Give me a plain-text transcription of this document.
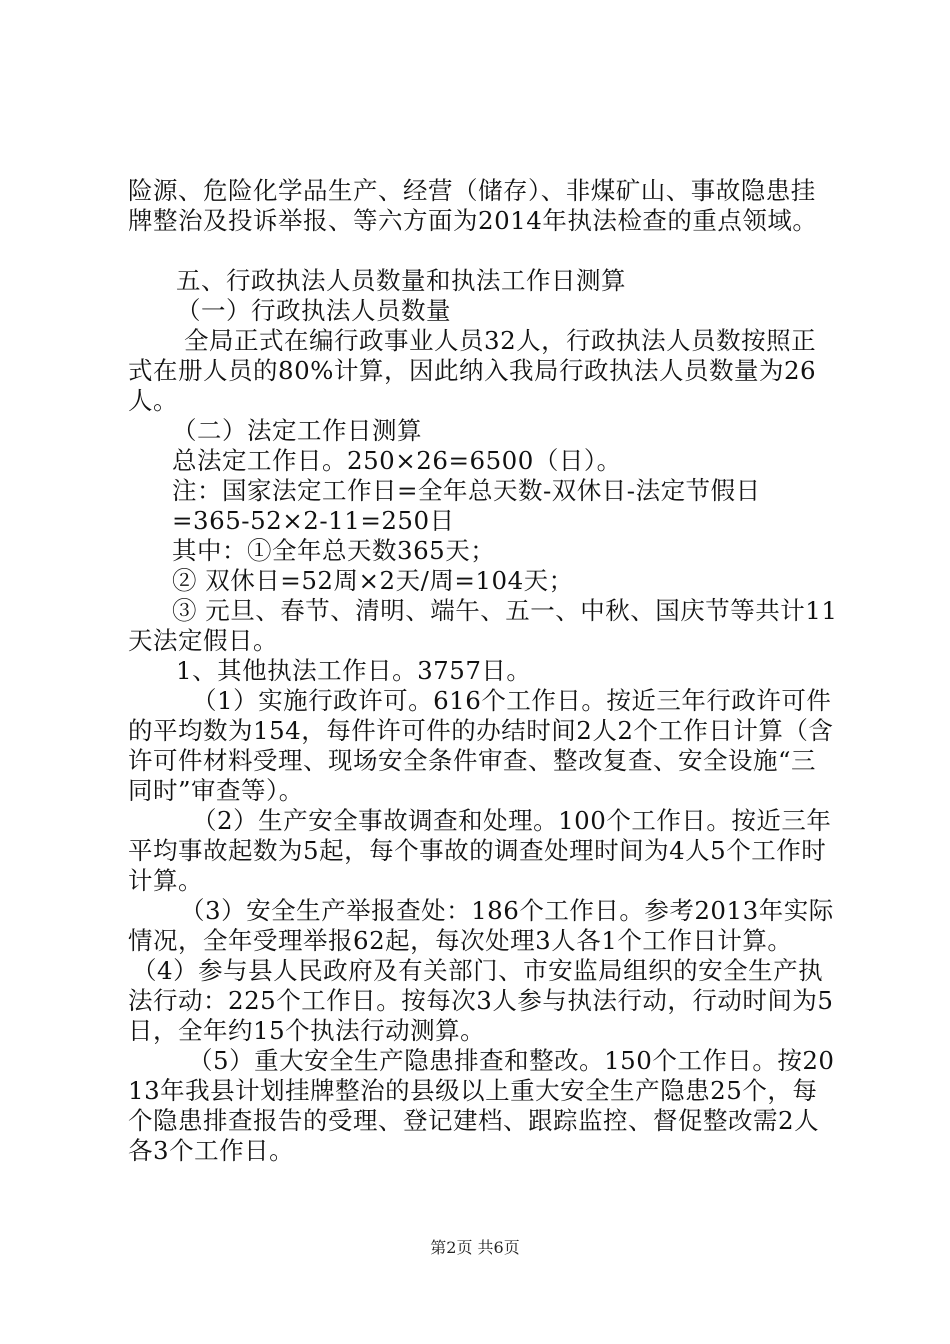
险源、危险化学品生产、经营（储存）、非煤矿山、事故隐患挂牌整治及投诉举报、等六方面为2014年执法检查的重点领域。

五、行政执法人员数量和执法工作日测算

（一）行政执法人员数量

全局正式在编行政事业人员32人，行政执法人员数按照正式在册人员的80%计算，因此纳入我局行政执法人员数量为26人。

（二）法定工作日测算

总法定工作日。250×26=6500（日）。

注：国家法定工作日=全年总天数-双休日-法定节假日

=365-52×2-11=250日

其中：①全年总天数365天；

② 双休日=52周×2天/周=104天；

③ 元旦、春节、清明、端午、五一、中秋、国庆节等共计11天法定假日。

1、其他执法工作日。3757日。

（1）实施行政许可。616个工作日。按近三年行政许可件的平均数为154，每件许可件的办结时间2人2个工作日计算（含许可件材料受理、现场安全条件审查、整改复查、安全设施“三同时”审查等）。

（2）生产安全事故调查和处理。100个工作日。按近三年平均事故起数为5起，每个事故的调查处理时间为4人5个工作时计算。

（3）安全生产举报查处：186个工作日。参考2013年实际情况，全年受理举报62起，每次处理3人各1个工作日计算。

（4）参与县人民政府及有关部门、市安监局组织的安全生产执法行动：225个工作日。按每次3人参与执法行动，行动时间为5日，全年约15个执法行动测算。

（5）重大安全生产隐患排查和整改。150个工作日。按2013年我县计划挂牌整治的县级以上重大安全生产隐患25个，每个隐患排查报告的受理、登记建档、跟踪监控、督促整改需2人各3个工作日。

第2页 共6页
